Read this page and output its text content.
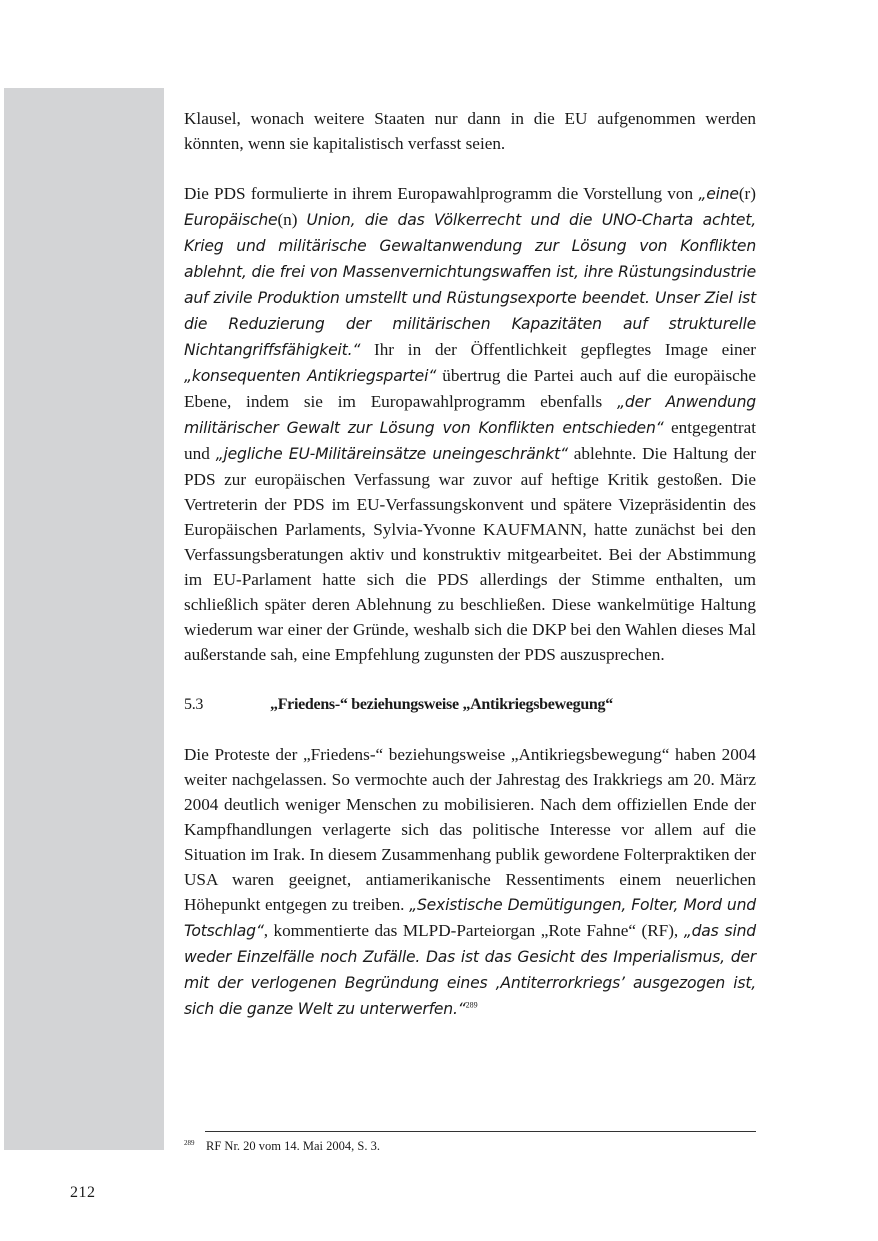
Klausel, wonach weitere Staaten nur dann in die EU aufgenommen werden könnten, wenn sie kapitalistisch verfasst seien.

Die PDS formulierte in ihrem Europawahlprogramm die Vorstellung von „eine(r) Europäische(n) Union, die das Völkerrecht und die UNO-Charta achtet, Krieg und militärische Gewaltanwendung zur Lösung von Konflikten ablehnt, die frei von Massenvernichtungswaffen ist, ihre Rüstungsindustrie auf zivile Produktion umstellt und Rüstungsexporte beendet. Unser Ziel ist die Reduzierung der militärischen Kapazitäten auf strukturelle Nichtangriffsfähigkeit.“ Ihr in der Öffentlichkeit gepflegtes Image einer „konsequenten Antikriegspartei“ übertrug die Partei auch auf die europäische Ebene, indem sie im Europawahlprogramm ebenfalls „der Anwendung militärischer Gewalt zur Lösung von Konflikten entschieden“ entgegentrat und „jegliche EU-Militäreinsätze uneingeschränkt“ ablehnte. Die Haltung der PDS zur europäischen Verfassung war zuvor auf heftige Kritik gestoßen. Die Vertreterin der PDS im EU-Verfassungskonvent und spätere Vizepräsidentin des Europäischen Parlaments, Sylvia-Yvonne KAUFMANN, hatte zunächst bei den Verfassungsberatungen aktiv und konstruktiv mitgearbeitet. Bei der Abstimmung im EU-Parlament hatte sich die PDS allerdings der Stimme enthalten, um schließlich später deren Ablehnung zu beschließen. Diese wankelmütige Haltung wiederum war einer der Gründe, weshalb sich die DKP bei den Wahlen dieses Mal außerstande sah, eine Empfehlung zugunsten der PDS auszusprechen.

5.3	„Friedens-“ beziehungsweise „Antikriegsbewegung“

Die Proteste der „Friedens-“ beziehungsweise „Antikriegsbewegung“ haben 2004 weiter nachgelassen. So vermochte auch der Jahrestag des Irakkriegs am 20. März 2004 deutlich weniger Menschen zu mobilisieren. Nach dem offiziellen Ende der Kampfhandlungen verlagerte sich das politische Interesse vor allem auf die Situation im Irak. In diesem Zusammenhang publik gewordene Folterpraktiken der USA waren geeignet, antiamerikanische Ressentiments einem neuerlichen Höhepunkt entgegen zu treiben. „Sexistische Demütigungen, Folter, Mord und Totschlag“, kommentierte das MLPD-Parteiorgan „Rote Fahne“ (RF), „das sind weder Einzelfälle noch Zufälle. Das ist das Gesicht des Imperialismus, der mit der verlogenen Begründung eines ‚Antiterrorkriegs’ ausgezogen ist, sich die ganze Welt zu unterwerfen.“$^{289}$

289 RF Nr. 20 vom 14. Mai 2004, S. 3.
212
